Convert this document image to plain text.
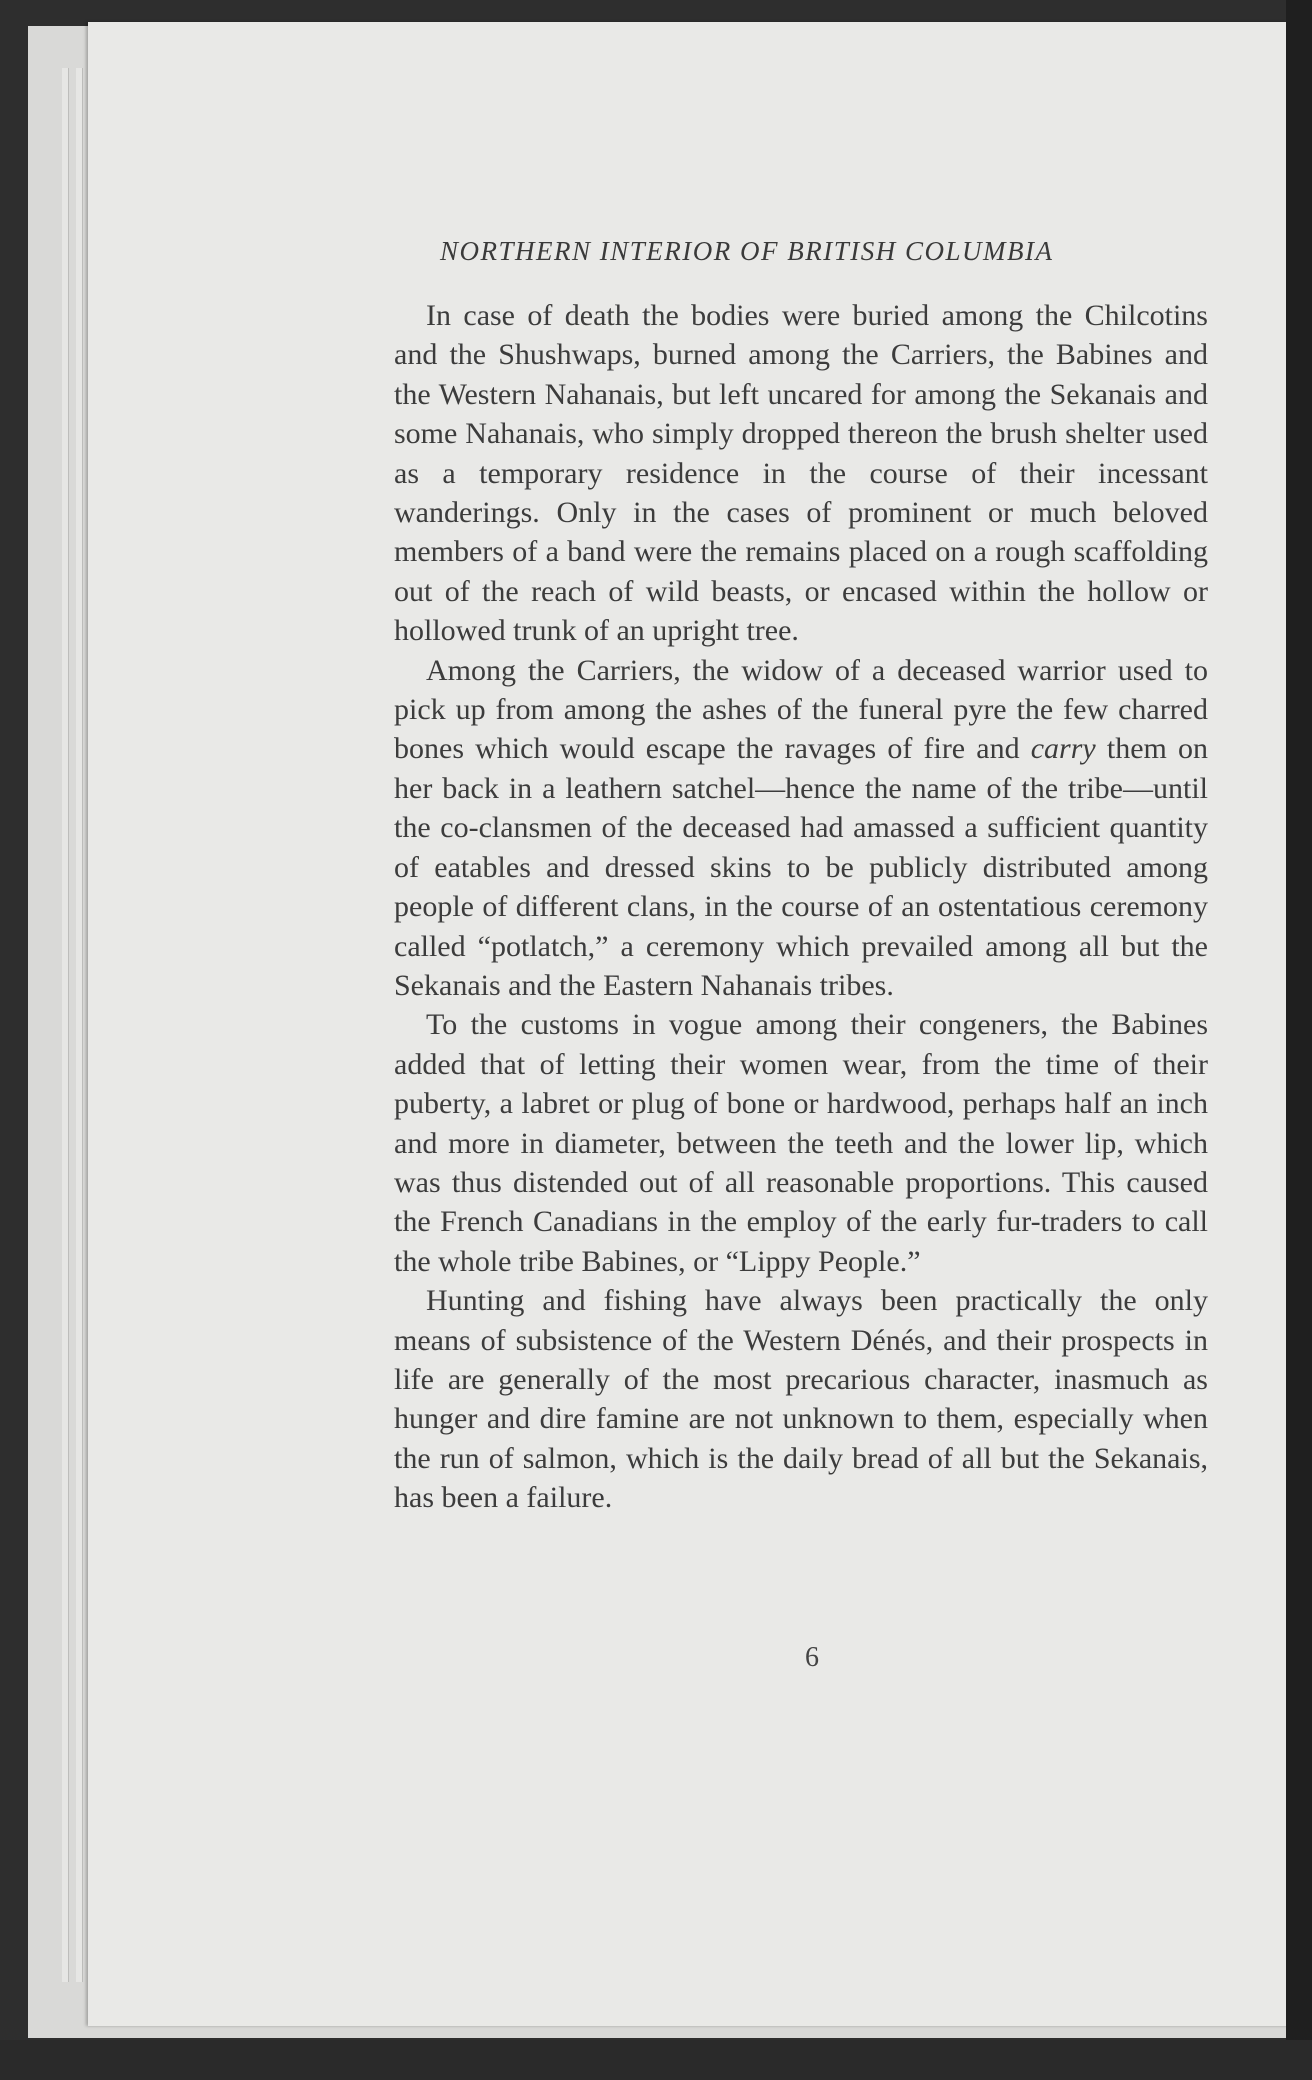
NORTHERN INTERIOR OF BRITISH COLUMBIA

In case of death the bodies were buried among the Chilcotins and the Shushwaps, burned among the Carriers, the Babines and the Western Nahanais, but left uncared for among the Sekanais and some Nahanais, who simply dropped thereon the brush shelter used as a temporary residence in the course of their incessant wanderings. Only in the cases of prominent or much beloved members of a band were the remains placed on a rough scaffolding out of the reach of wild beasts, or encased within the hollow or hollowed trunk of an upright tree.

Among the Carriers, the widow of a deceased warrior used to pick up from among the ashes of the funeral pyre the few charred bones which would escape the ravages of fire and carry them on her back in a leathern satchel—hence the name of the tribe—until the co-clansmen of the deceased had amassed a sufficient quantity of eatables and dressed skins to be publicly distributed among people of different clans, in the course of an ostentatious ceremony called “potlatch,” a ceremony which prevailed among all but the Sekanais and the Eastern Nahanais tribes.

To the customs in vogue among their congeners, the Babines added that of letting their women wear, from the time of their puberty, a labret or plug of bone or hardwood, perhaps half an inch and more in diameter, between the teeth and the lower lip, which was thus distended out of all reasonable proportions. This caused the French Canadians in the employ of the early fur-traders to call the whole tribe Babines, or “Lippy People.”

Hunting and fishing have always been practically the only means of subsistence of the Western Dénés, and their prospects in life are generally of the most precarious character, inasmuch as hunger and dire famine are not unknown to them, especially when the run of salmon, which is the daily bread of all but the Sekanais, has been a failure.

6
